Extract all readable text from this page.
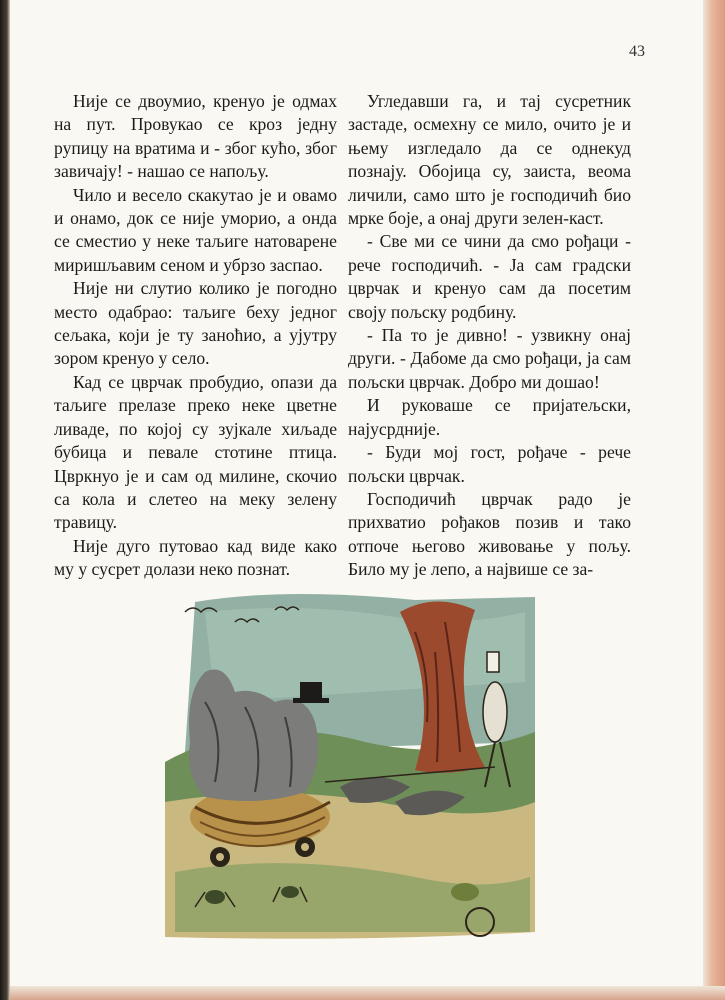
43

Није се двоумио, кренуо је одмах на пут. Провукао се кроз једну рупицу на вратима и - због кућо, због завичају! - нашао се напољу.

Чило и весело скакутао је и овамо и онамо, док се није уморио, а онда се сместио у неке таљиге натоварене миришљавим сеном и убрзо заспао.

Није ни слутио колико је погодно место одабрао: таљиге беху једног сељака, који је ту заноћио, а ујутру зором кренуо у село.

Кад се цврчак пробудио, опази да таљиге прелазе преко неке цветне ливаде, по којој су зујкале хиљаде бубица и певале стотине птица. Цвркнуо је и сам од милине, скочио са кола и слетео на меку зелену травицу.

Није дуго путовао кад виде како му у сусрет долази неко познат.

Угледавши га, и тај сусретник застаде, осмехну се мило, очито је и њему изгледало да се однекуд познају. Обојица су, заиста, веома личили, само што је господичић био мрке боје, а онај други зелен-каст.

- Све ми се чини да смо рођаци - рече господичић. - Ја сам градски цврчак и кренуо сам да посетим своју пољску родбину.

- Па то је дивно! - узвикну онај други. - Дабоме да смо рођаци, ја сам пољски цврчак. Добро ми дошао!

И руковаше се пријатељски, најусрдније.

- Буди мој гост, рођаче - рече пољски цврчак.

Господичић цврчак радо је прихватио рођаков позив и тако отпоче његово живовање у пољу. Било му је лепо, а највише се за-
